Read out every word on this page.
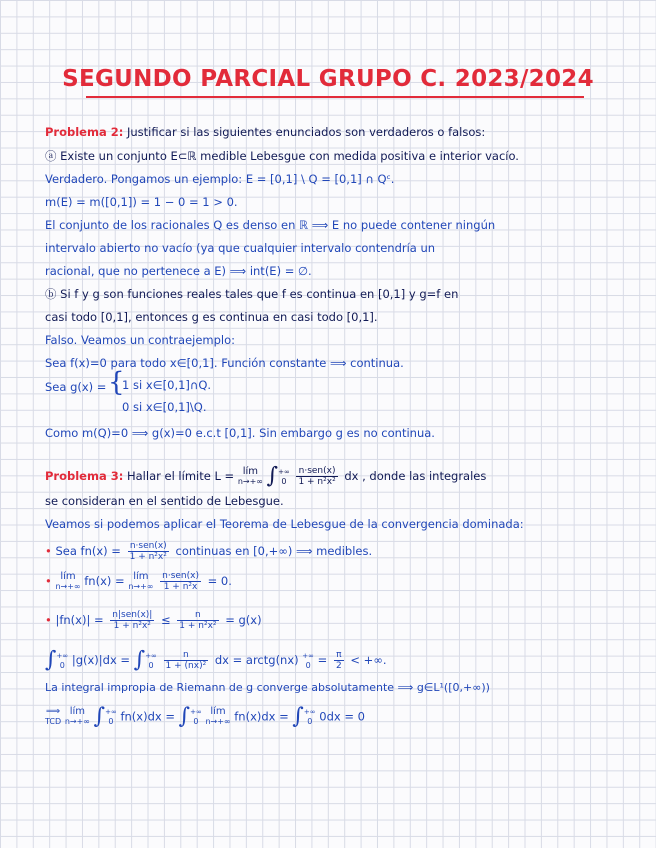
SEGUNDO PARCIAL GRUPO C. 2023/2024
Problema 2: Justificar si las siguientes enunciados son verdaderos o falsos:
ⓐ Existe un conjunto E⊂ℝ medible Lebesgue con medida positiva e interior vacío.
Verdadero. Pongamos un ejemplo: E = [0,1] \ Q = [0,1] ∩ Qᶜ.
m(E) = m([0,1]) = 1 − 0 = 1 > 0.
El conjunto de los racionales Q es denso en ℝ ⟹ E no puede contener ningún
intervalo abierto no vacío (ya que cualquier intervalo contendría un
racional, que no pertenece a E) ⟹ int(E) = ∅.
ⓑ Si f y g son funciones reales tales que f es continua en [0,1] y g=f en
casi todo [0,1], entonces g es continua en casi todo [0,1].
Falso. Veamos un contraejemplo:
Sea f(x)=0 para todo x∈[0,1]. Función constante ⟹ continua.
Sea g(x) = {
1 si x∈[0,1]∩Q.
0 si x∈[0,1]\Q.
Como m(Q)=0 ⟹ g(x)=0 e.c.t [0,1]. Sin embargo g es no continua.
Problema 3: Hallar el límite L = lím
n→+∞ ∫+∞
0
	$\frac{\text{n·sen(x)}}{\text{1 + n²x²}}$ dx , donde las integrales
se consideran en el sentido de Lebesgue.
Veamos si podemos aplicar el Teorema de Lebesgue de la convergencia dominada:
• Sea $fn(x) = \frac{\text{n·sen(x)}}{\text{1 + n²x²}}$ continuas en [0,+∞) ⟹ medibles.
• lím
n→+∞ fn(x) = lím
n→+∞
$\frac{\text{n·sen(x)}}{\text{1 + n²x}} = 0$.
• $|fn(x)| = \frac{\text{n|sen(x)|}}{\text{1 + n²x²}} \le \frac{n}{\text{1 + n²x²}} = g(x)$
∫+∞
0 |g(x)|dx = ∫+∞
0
	$\frac{n}{\text{1 + (nx)²}}$ dx = arctg(nx) +∞
$0 = \frac{\pi}{2}$ < +∞.
La integral impropia de Riemann de g converge absolutamente ⟹ g∈L¹([0,+∞))
⟹
TCD
lím
n→+∞ ∫+∞
0 fn(x)dx = ∫+∞
0
lím
n→+∞ fn(x)dx = ∫+∞
0 0dx = 0
